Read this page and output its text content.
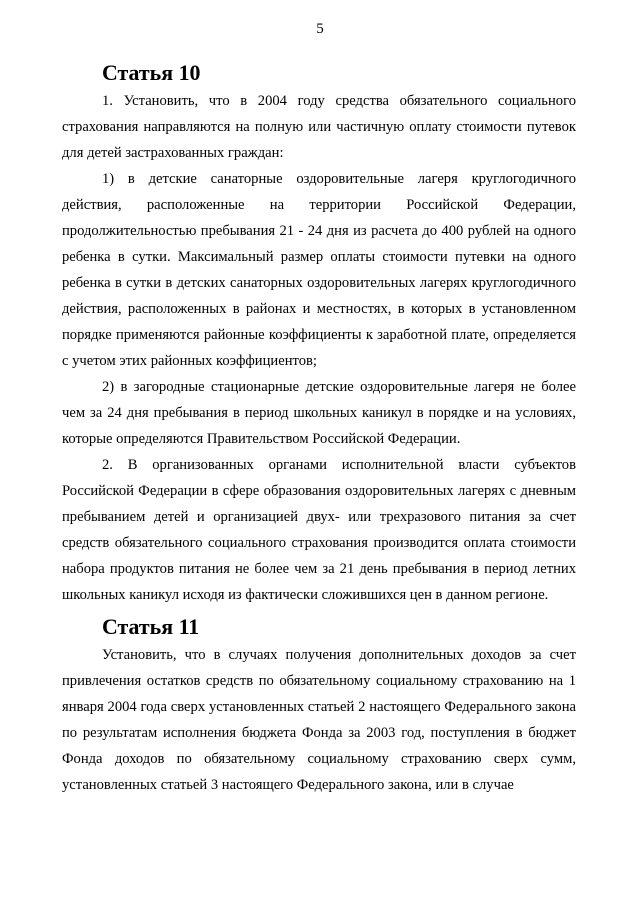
5
Статья 10

1. Установить, что в 2004 году средства обязательного социального страхования направляются на полную или частичную оплату стоимости путевок для детей застрахованных граждан:

1) в детские санаторные оздоровительные лагеря круглогодичного действия, расположенные на территории Российской Федерации, продолжительностью пребывания 21 - 24 дня из расчета до 400 рублей на одного ребенка в сутки. Максимальный размер оплаты стоимости путевки на одного ребенка в сутки в детских санаторных оздоровительных лагерях круглогодичного действия, расположенных в районах и местностях, в которых в установленном порядке применяются районные коэффициенты к заработной плате, определяется с учетом этих районных коэффициентов;

2) в загородные стационарные детские оздоровительные лагеря не более чем за 24 дня пребывания в период школьных каникул в порядке и на условиях, которые определяются Правительством Российской Федерации.

2. В организованных органами исполнительной власти субъектов Российской Федерации в сфере образования оздоровительных лагерях с дневным пребыванием детей и организацией двух- или трехразового питания за счет средств обязательного социального страхования производится оплата стоимости набора продуктов питания не более чем за 21 день пребывания в период летних школьных каникул исходя из фактически сложившихся цен в данном регионе.

Статья 11

Установить, что в случаях получения дополнительных доходов за счет привлечения остатков средств по обязательному социальному страхованию на 1 января 2004 года сверх установленных статьей 2 настоящего Федерального закона по результатам исполнения бюджета Фонда за 2003 год, поступления в бюджет Фонда доходов по обязательному социальному страхованию сверх сумм, установленных статьей 3 настоящего Федерального закона, или в случае
